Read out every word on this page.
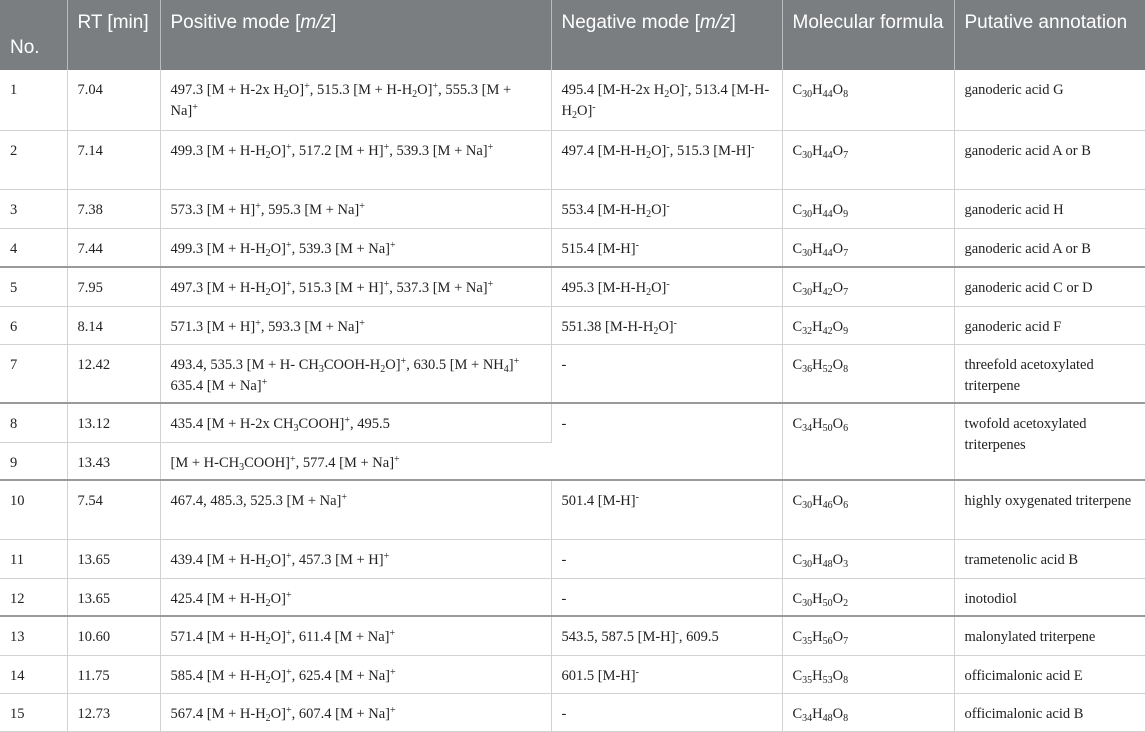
No.	RT [min]	Positive mode [m/z]	Negative mode [m/z]	Molecular formula	Putative annotation
1	7.04	497.3 [M + H-2x $H_2O]^+$, 515.3 $[M + H-H_2O]^+$, 555.3 [M + Na]+	495.4 [M-H-2x $H_2O]^-$, 513.4 $[M-H-H_2O]^-$	$C_{30}H_{44}O_8$	ganoderic acid G
2	7.14	499.3 $[M + H-H_2O]^+$, 517.2 [M + H]+, 539.3 [M + Na]+	497.4 $[M-H-H_2O]^-$, 515.3 [M-H]-	$C_{30}H_{44}O_7$	ganoderic acid A or B
3	7.38	573.3 [M + H]+, 595.3 [M + Na]+	553.4 $[M-H-H_2O]^-$	$C_{30}H_{44}O_9$	ganoderic acid H
4	7.44	499.3 $[M + H-H_2O]^+$, 539.3 [M + Na]+	515.4 [M-H]-	$C_{30}H_{44}O_7$	ganoderic acid A or B
5	7.95	497.3 $[M + H-H_2O]^+$, 515.3 [M + H]+, 537.3 [M + Na]+	495.3 $[M-H-H_2O]^-$	$C_{30}H_{42}O_7$	ganoderic acid C or D
6	8.14	571.3 [M + H]+, 593.3 [M + Na]+	551.38 $[M-H-H_2O]^-$	$C_{32}H_{42}O_9$	ganoderic acid F
7	12.42	493.4, 535.3 [M + H- $CH_3COOH-H_2O]^+$, 630.5 $[M + NH_4]^+$ 635.4 [M + Na]+	-	$C_{36}H_{52}O_8$	threefold acetoxylated triterpene
8	13.12	435.4 [M + H-2x $CH_3COOH]^+$, 495.5	-	$C_{34}H_{50}O_6$	twofold acetoxylated triterpenes
9	13.43	$[M + H-CH_3COOH]^+$, 577.4 [M + Na]+
10	7.54	467.4, 485.3, 525.3 [M + Na]+	501.4 [M-H]-	$C_{30}H_{46}O_6$	highly oxygenated triterpene
11	13.65	439.4 $[M + H-H_2O]^+$, 457.3 [M + H]+	-	$C_{30}H_{48}O_3$	trametenolic acid B
12	13.65	425.4 $[M + H-H_2O]^+$	-	$C_{30}H_{50}O_2$	inotodiol
13	10.60	571.4 $[M + H-H_2O]^+$, 611.4 [M + Na]+	543.5, 587.5 [M-H]-, 609.5	$C_{35}H_{56}O_7$	malonylated triterpene
14	11.75	585.4 $[M + H-H_2O]^+$, 625.4 [M + Na]+	601.5 [M-H]-	$C_{35}H_{53}O_8$	officimalonic acid E
15	12.73	567.4 $[M + H-H_2O]^+$, 607.4 [M + Na]+	-	$C_{34}H_{48}O_8$	officimalonic acid B
